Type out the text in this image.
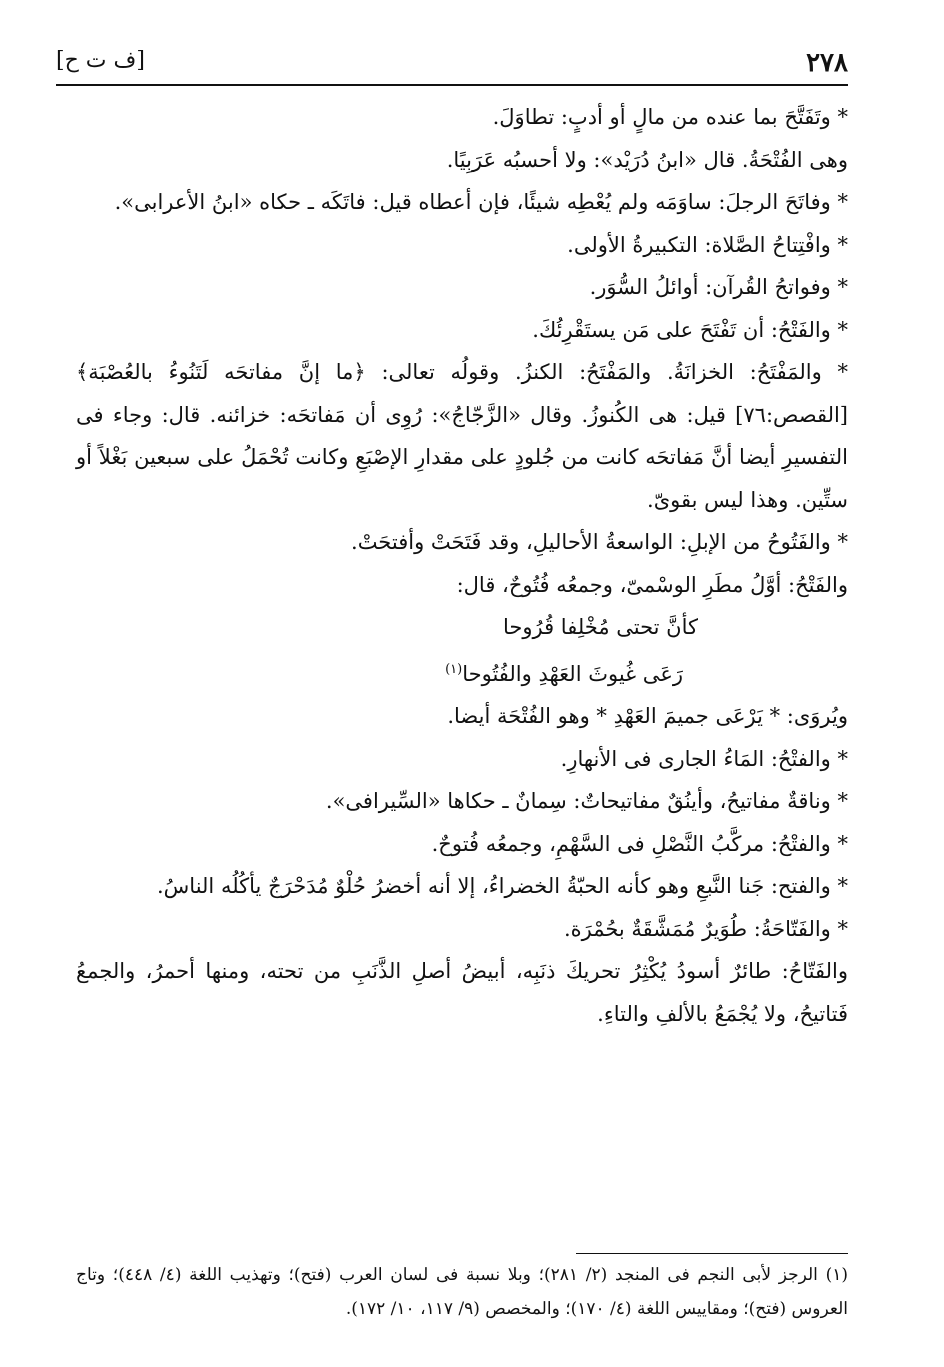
[ف ت ح]	٢٧٨

* وتَفَتَّحَ بما عنده من مالٍ أو أدبٍ: تطاوَلَ.

وهى الفُتْحَةُ. قال «ابنُ دُرَيْد»: ولا أحسبُه عَرَبِيًا.

* وفاتَحَ الرجلَ: ساوَمَه ولم يُعْطِه شيئًا، فإن أعطاه قيل: فاتَكَه ـ حكاه «ابنُ الأعرابى».

* وافْتِتاحُ الصَّلاة: التكبيرةُ الأولى.

* وفواتحُ القُرآن: أوائلُ السُّوَر.

* والفَتْحُ: أن تَفْتَحَ على مَن يستَقْرِئُكَ.

* والمَفْتَحُ: الخزانَةُ. والمَفْتَحُ: الكنزُ. وقولُه تعالى: ﴿ما إنَّ مفاتحَه لَتَنُوءُ بالعُصْبَة﴾ [القصص:٧٦] قيل: هى الكُنوزُ. وقال «الزَّجّاجُ»: رُوِى أن مَفاتحَه: خزائنه. قال: وجاء فى التفسيرِ أيضا أنَّ مَفاتحَه كانت من جُلودٍ على مقدارِ الإصْبَعِ وكانت تُحْمَلُ على سبعين بَغْلاً أو ستِّين. وهذا ليس بقوىّ.

* والفَتُوحُ من الإبلِ: الواسعةُ الأحاليلِ، وقد فَتَحَتْ وأفتحَتْ.

والفَتْحُ: أوَّلُ مطَرِ الوسْمىّ، وجمعُه فُتُوحٌ، قال:

كأنَّ تحتى مُخْلِفا قُرُوحا

رَعَى غُيوثَ العَهْدِ والفُتُوحا$^{(١)}$

ويُروَى: * يَرْعَى جميمَ العَهْدِ * وهو الفُتْحَة أيضا.

* والفتْحُ: المَاءُ الجارى فى الأنهارِ.

* وناقةٌ مفاتيحُ، وأينُقٌ مفاتيحاتٌ: سِمانٌ ـ حكاها «السِّيرافى».

* والفتْحُ: مركَّبُ النَّصْلِ فى السَّهْمِ، وجمعُه فُتوحٌ.

* والفتح: جَنا النَّبعِ وهو كأنه الحبّةُ الخضراءُ، إلا أنه أخضرُ حُلْوٌ مُدَحْرَجٌ يأكُلُه الناسُ.

* والفَتّاحَةُ: طُوَيرٌ مُمَشَّقَةٌ بحُمْرَة.

والفَتّاحُ: طائرٌ أسودُ يُكْثِرُ تحريكَ ذنَبِه، أبيضُ أصلِ الذَّنَبِ من تحته، ومنها أحمرُ، والجمعُ فَتاتيحُ، ولا يُجْمَعُ بالألفِ والتاءِ.

(١) الرجز لأبى النجم فى المنجد (٢/ ٢٨١)؛ وبلا نسبة فى لسان العرب (فتح)؛ وتهذيب اللغة (٤/ ٤٤٨)؛ وتاج العروس (فتح)؛ ومقاييس اللغة (٤/ ١٧٠)؛ والمخصص (٩/ ١١٧، ١٠/ ١٧٢).
